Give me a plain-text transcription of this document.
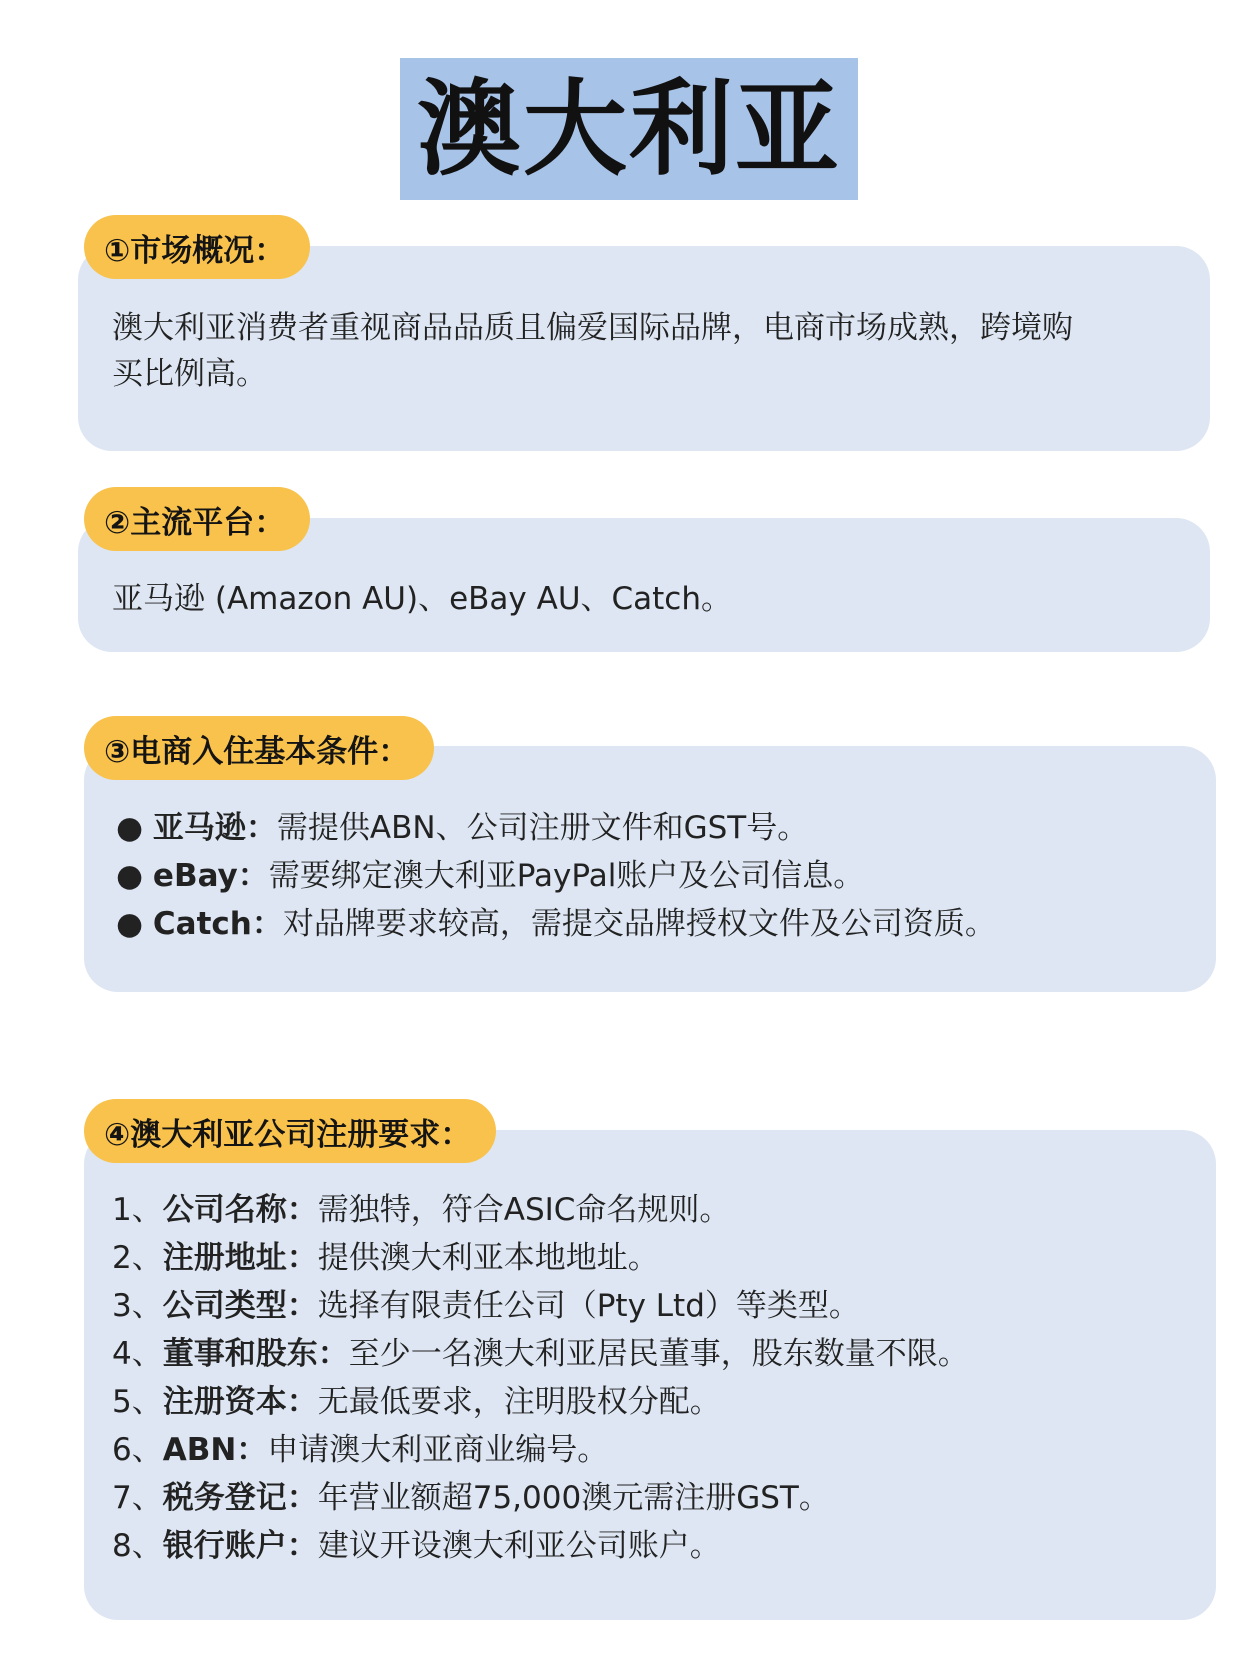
澳大利亚
①市场概况：
澳大利亚消费者重视商品品质且偏爱国际品牌，电商市场成熟，跨境购
买比例高。
②主流平台：
亚马逊 (Amazon AU)、eBay AU、Catch。
③电商入住基本条件：
● 亚马逊：需提供ABN、公司注册文件和GST号。
● eBay：需要绑定澳大利亚PayPal账户及公司信息。
● Catch：对品牌要求较高，需提交品牌授权文件及公司资质。
④澳大利亚公司注册要求：
1、公司名称：需独特，符合ASIC命名规则。
2、注册地址：提供澳大利亚本地地址。
3、公司类型：选择有限责任公司（Pty Ltd）等类型。
4、董事和股东：至少一名澳大利亚居民董事，股东数量不限。
5、注册资本：无最低要求，注明股权分配。
6、ABN：申请澳大利亚商业编号。
7、税务登记：年营业额超75,000澳元需注册GST。
8、银行账户：建议开设澳大利亚公司账户。
